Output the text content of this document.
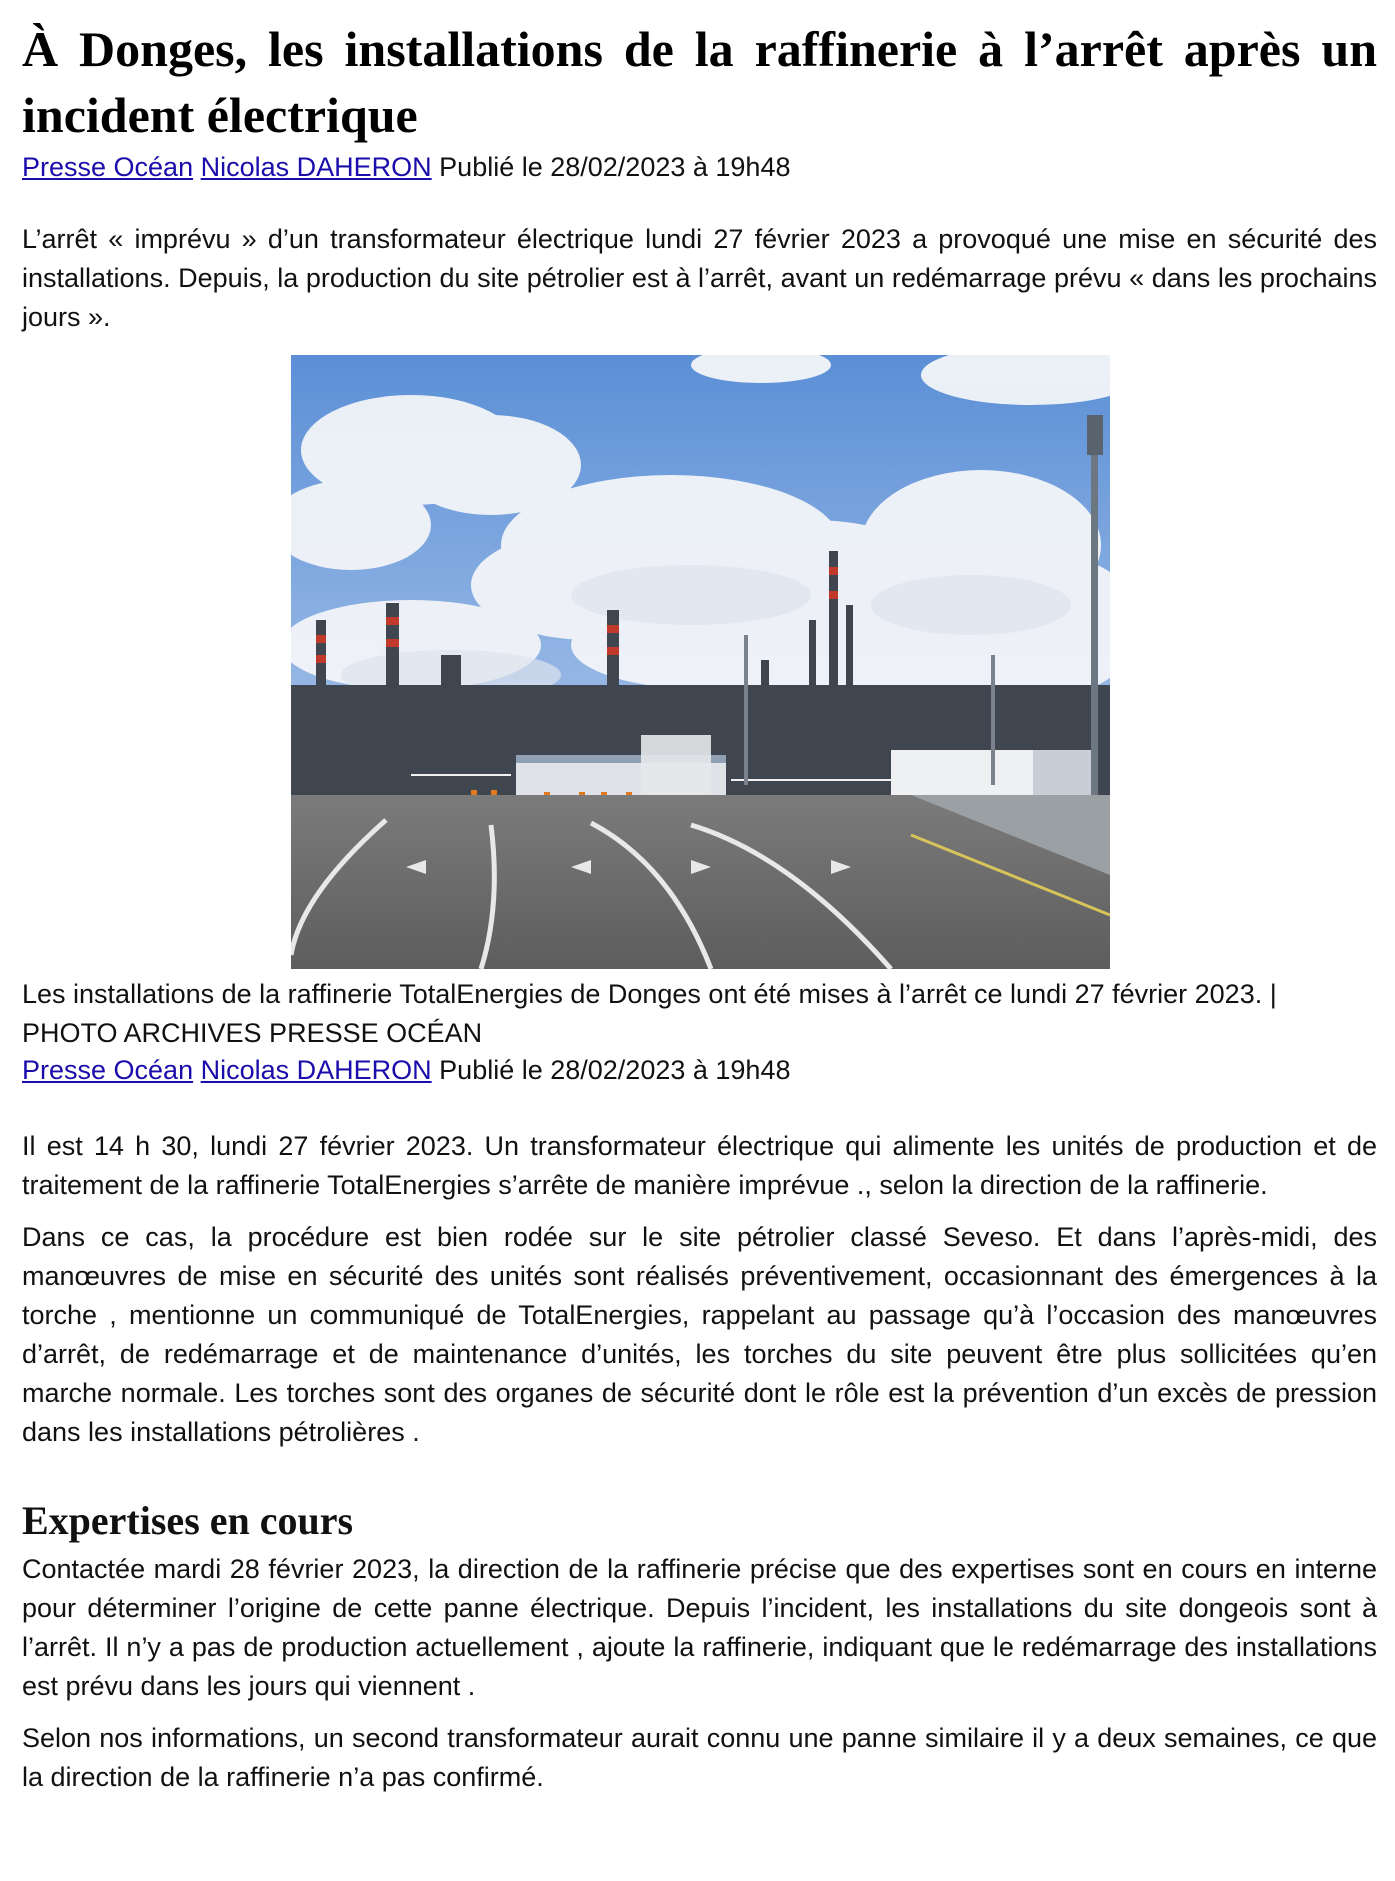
À Donges, les installations de la raffinerie à l’arrêt après un incident électrique
Presse Océan Nicolas DAHERON Publié le 28/02/2023 à 19h48

L’arrêt « imprévu » d’un transformateur électrique lundi 27 février 2023 a provoqué une mise en sécurité des installations. Depuis, la production du site pétrolier est à l’arrêt, avant un redémarrage prévu « dans les prochains jours ».

Les installations de la raffinerie TotalEnergies de Donges ont été mises à l’arrêt ce lundi 27 février 2023. | PHOTO ARCHIVES PRESSE OCÉAN
Presse Océan Nicolas DAHERON Publié le 28/02/2023 à 19h48

Il est 14 h 30, lundi 27 février 2023. Un transformateur électrique qui alimente les unités de production et de traitement de la raffinerie TotalEnergies s’arrête de manière imprévue ., selon la direction de la raffinerie.

Dans ce cas, la procédure est bien rodée sur le site pétrolier classé Seveso. Et dans l’après-midi, des manœuvres de mise en sécurité des unités sont réalisés préventivement, occasionnant des émergences à la torche , mentionne un communiqué de TotalEnergies, rappelant au passage qu’à l’occasion des manœuvres d’arrêt, de redémarrage et de maintenance d’unités, les torches du site peuvent être plus sollicitées qu’en marche normale. Les torches sont des organes de sécurité dont le rôle est la prévention d’un excès de pression dans les installations pétrolières .

Expertises en cours

Contactée mardi 28 février 2023, la direction de la raffinerie précise que des expertises sont en cours en interne pour déterminer l’origine de cette panne électrique. Depuis l’incident, les installations du site dongeois sont à l’arrêt. Il n’y a pas de production actuellement , ajoute la raffinerie, indiquant que le redémarrage des installations est prévu dans les jours qui viennent .

Selon nos informations, un second transformateur aurait connu une panne similaire il y a deux semaines, ce que la direction de la raffinerie n’a pas confirmé.
